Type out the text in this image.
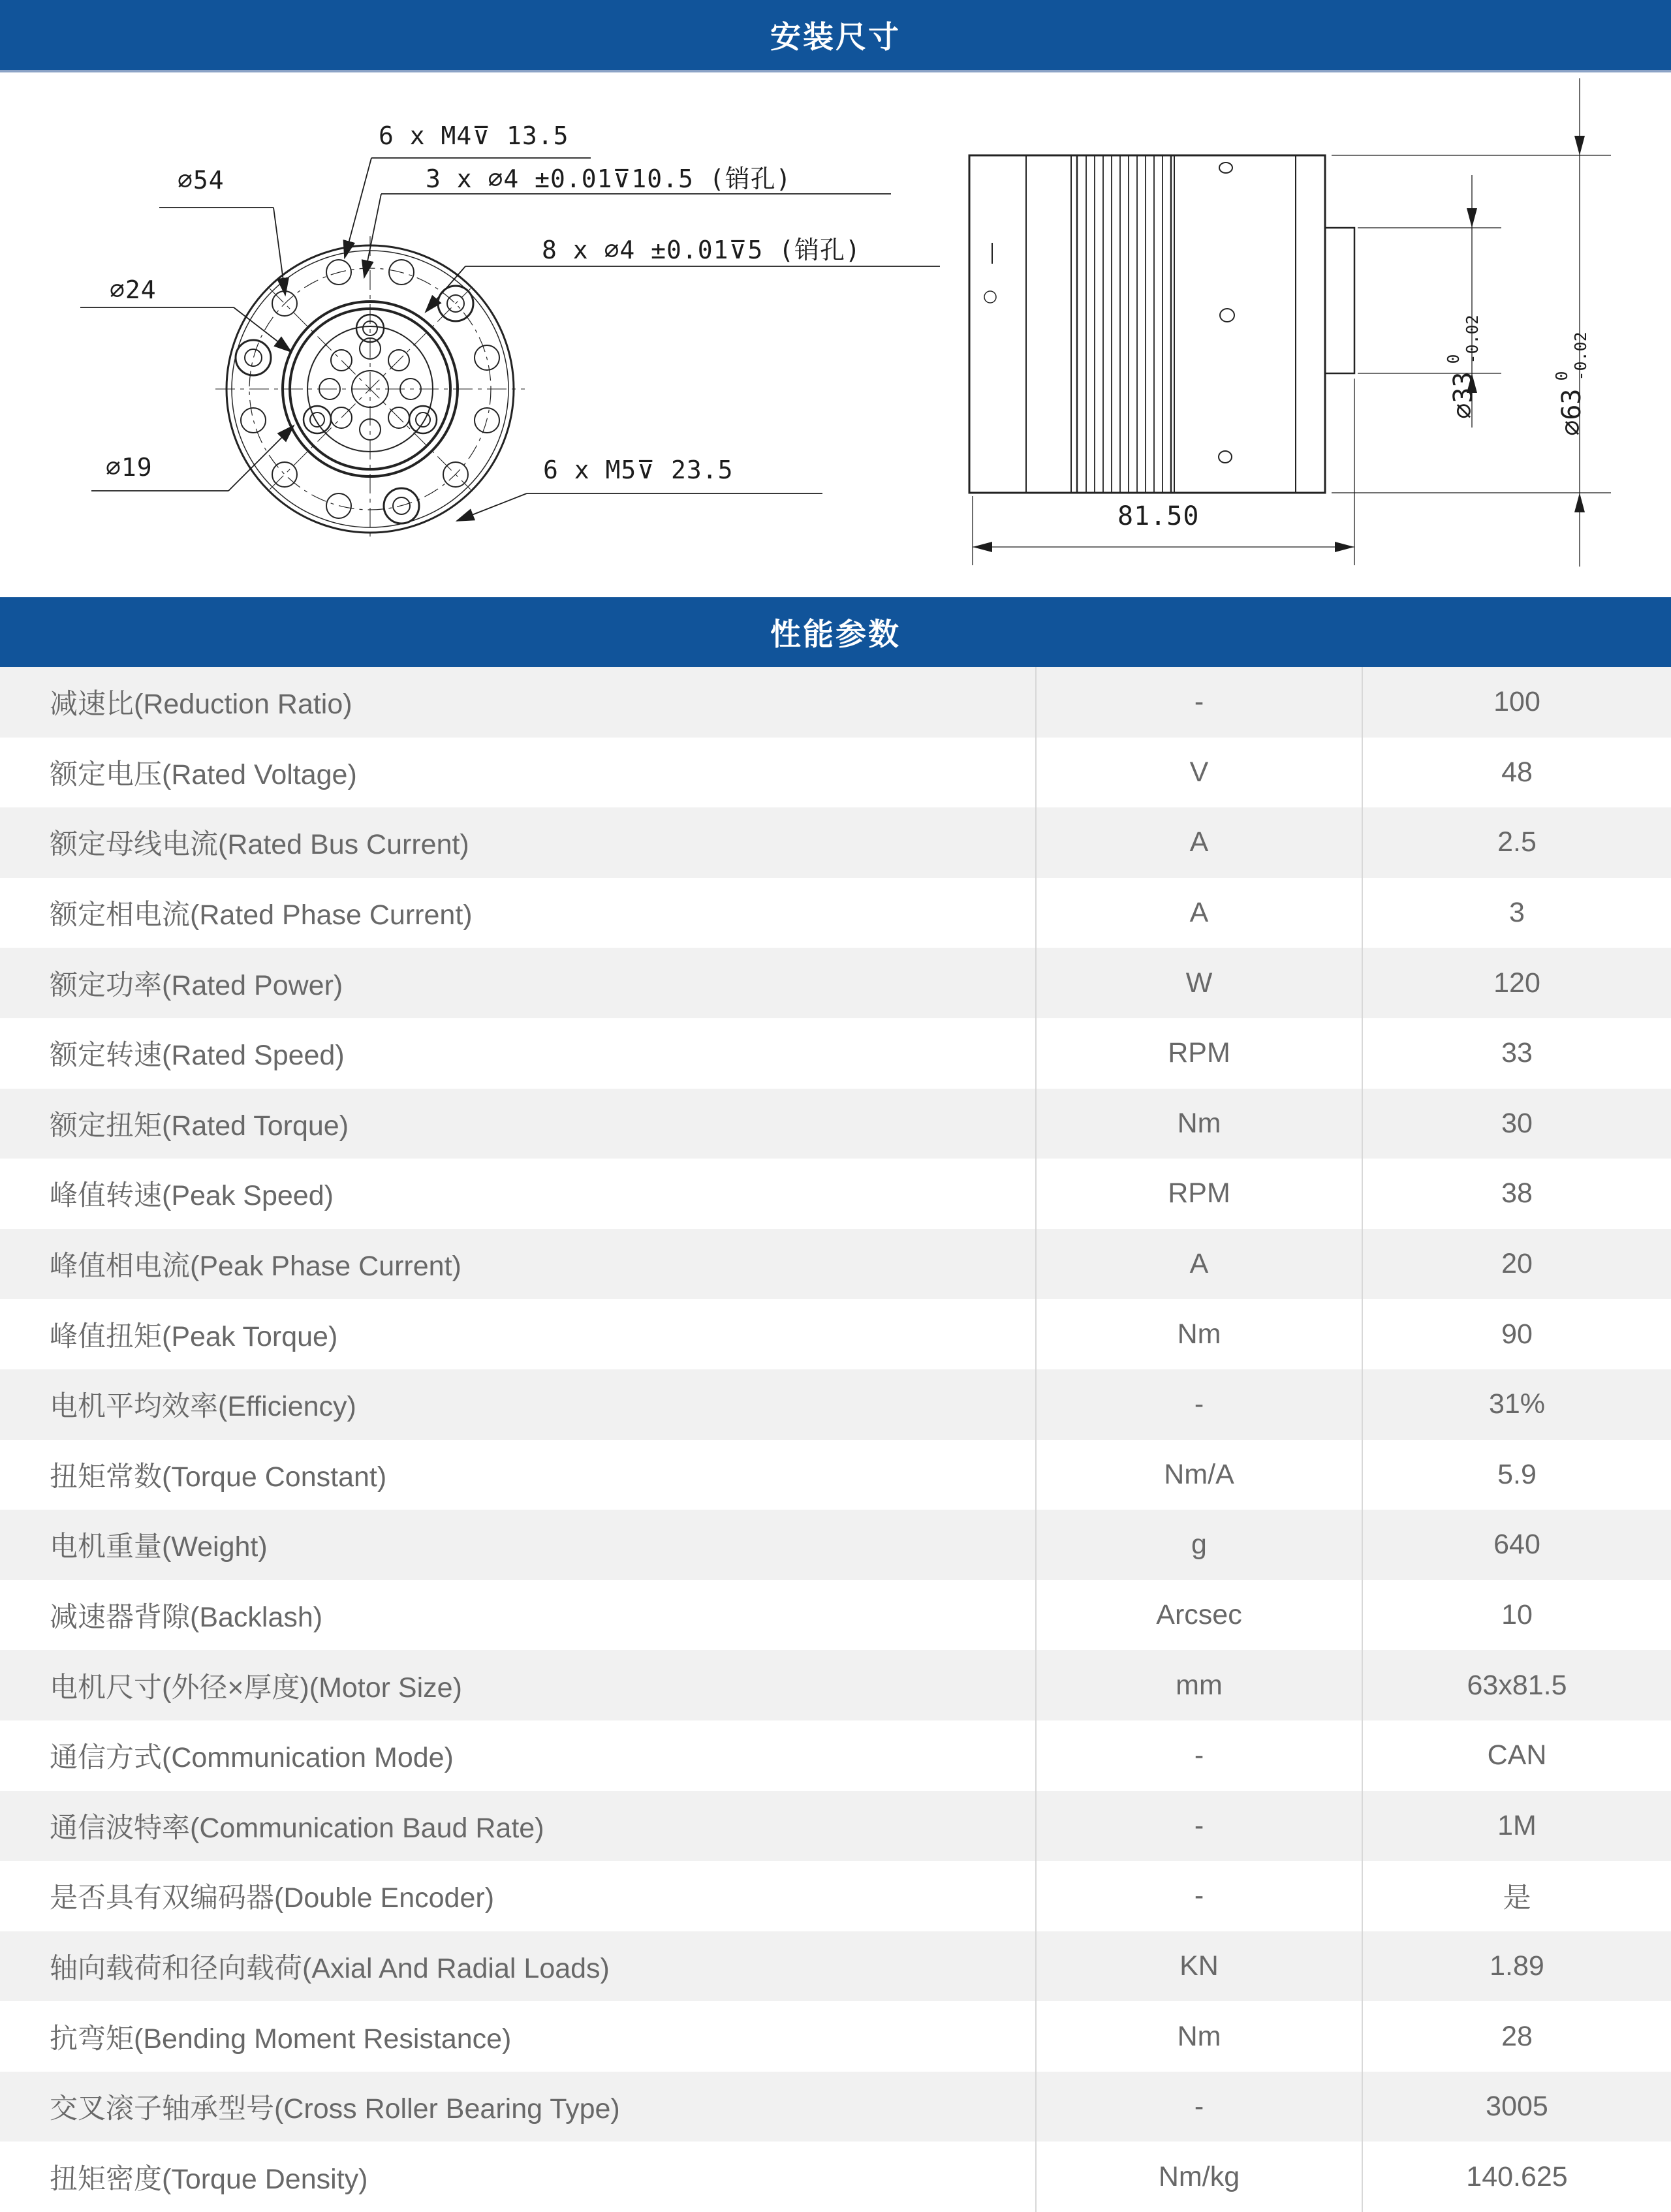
⌀54
6 x M4⊽ 13.5
3 x ⌀4 ±0.01⊽10.5 (销孔)
8 x ⌀4 ±0.01⊽5 (销孔)
⌀24
⌀19	6 x M5⊽ 23.5
81.50
⌀33
0 -0.02
⌀63
0 -0.02
安装尺寸
性能参数
减速比(Reduction Ratio)	-	100
额定电压(Rated Voltage)	V	48
额定母线电流(Rated Bus Current)	A	2.5
额定相电流(Rated Phase Current)	A	3
额定功率(Rated Power)	W	120
额定转速(Rated Speed)	RPM	33
额定扭矩(Rated Torque)	Nm	30
峰值转速(Peak Speed)	RPM	38
峰值相电流(Peak Phase Current)	A	20
峰值扭矩(Peak Torque)	Nm	90
电机平均效率(Efficiency)	-	31%
扭矩常数(Torque Constant)	Nm/A	5.9
电机重量(Weight)	g	640
减速器背隙(Backlash)	Arcsec	10
电机尺寸(外径×厚度)(Motor Size)	mm	63x81.5
通信方式(Communication Mode)	-	CAN
通信波特率(Communication Baud Rate)	-	1M
是否具有双编码器(Double Encoder)	-	是
轴向载荷和径向载荷(Axial And Radial Loads)	KN	1.89
抗弯矩(Bending Moment Resistance)	Nm	28
交叉滚子轴承型号(Cross Roller Bearing Type)	-	3005
扭矩密度(Torque Density)	Nm/kg	140.625
